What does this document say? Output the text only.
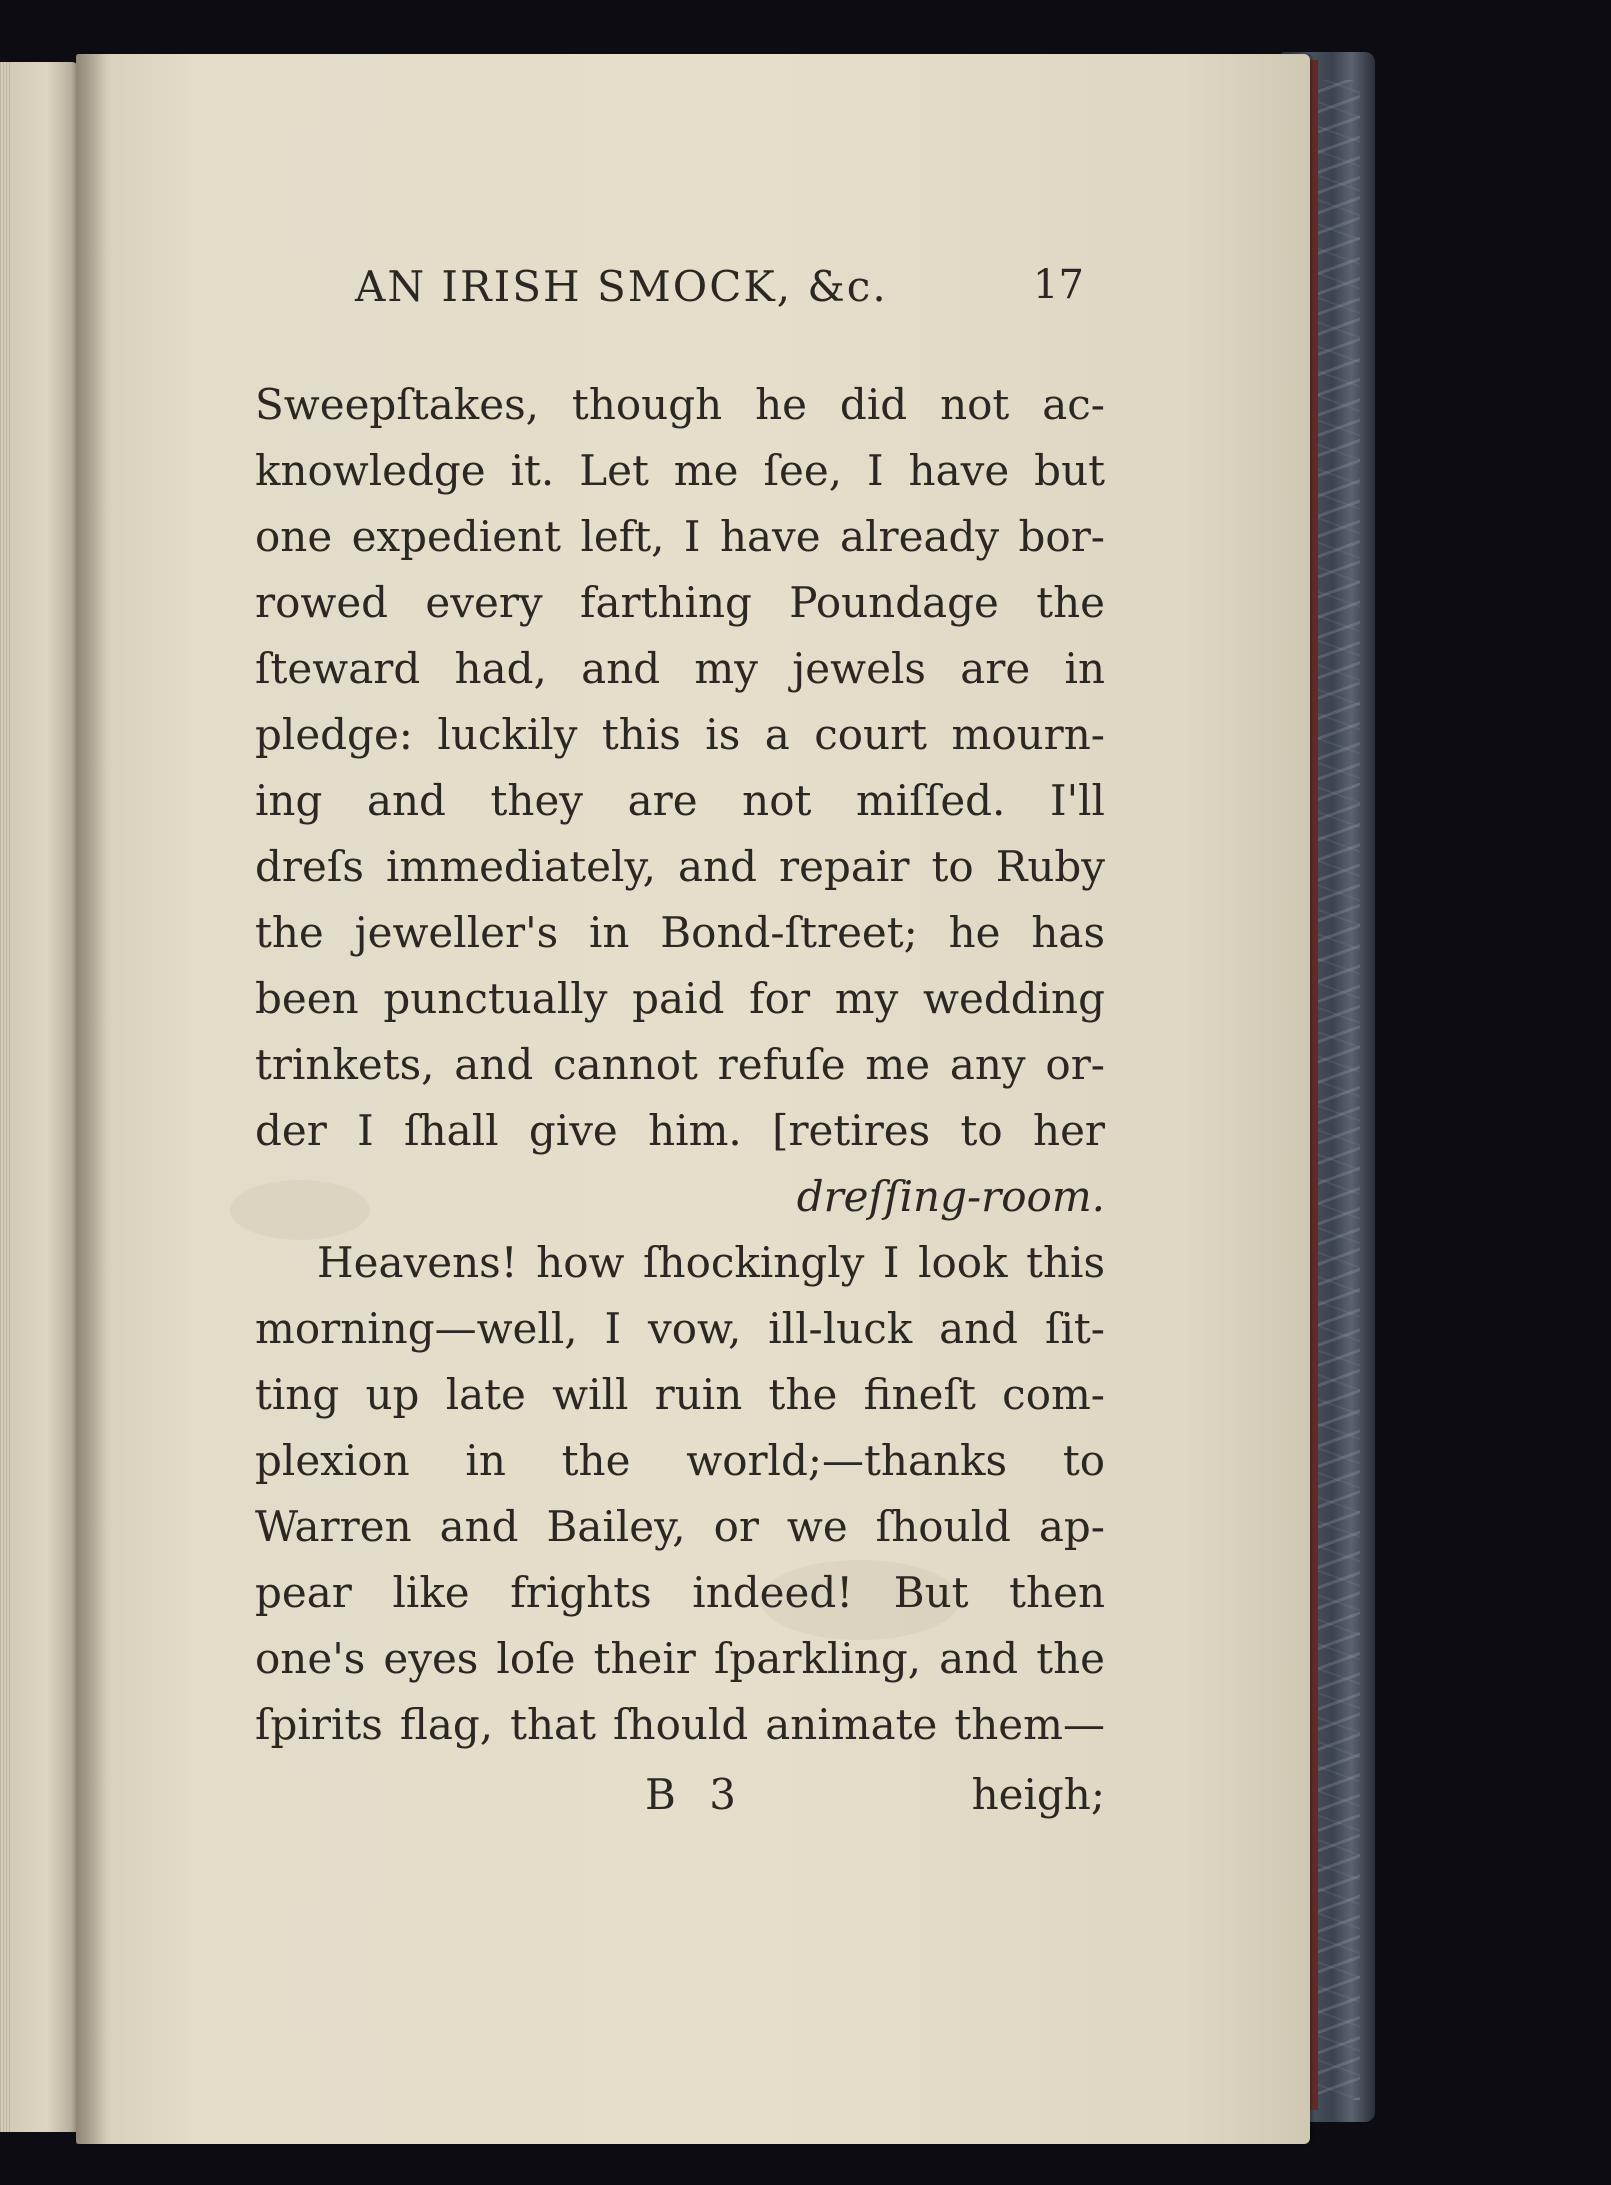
AN IRISH SMOCK, &c.	17
Sweepſtakes, though he did not ac-
knowledge it. Let me ſee, I have but
one expedient left, I have already bor-
rowed every farthing Poundage the
ſteward had, and my jewels are in
pledge: luckily this is a court mourn-
ing and they are not miſſed. I'll
dreſs immediately, and repair to Ruby
the jeweller's in Bond-ſtreet; he has
been punctually paid for my wedding
trinkets, and cannot refuſe me any or-
der I ſhall give him. [retires to her
dreſſing-room.
Heavens! how ſhockingly I look this
morning—well, I vow, ill-luck and ſit-
ting up late will ruin the fineſt com-
plexion in the world;—thanks to
Warren and Bailey, or we ſhould ap-
pear like frights indeed! But then
one's eyes loſe their ſparkling, and the
ſpirits flag, that ſhould animate them—
B 3	heigh;
